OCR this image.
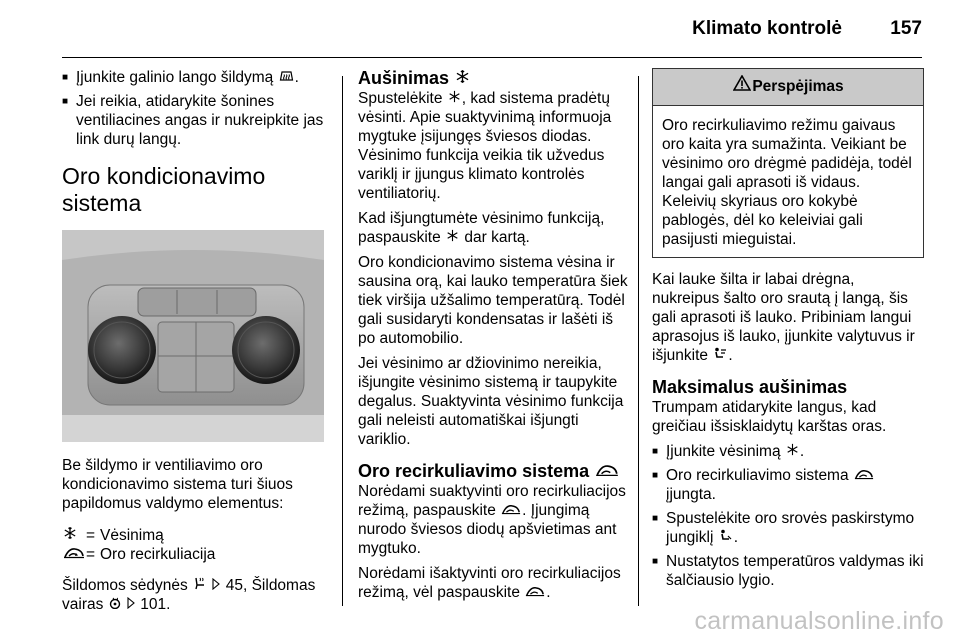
Klimato kontrolė	157
■ Įjunkite galinio lango šildymą .
■ Jei reikia, atidarykite šonines ventiliacines angas ir nukreipkite jas link durų langų.
Oro kondicionavimo sistema

Be šildymo ir ventiliavimo oro kondicionavimo sistema turi šiuos papildomus valdymo elementus:

= Vėsinimą
= Oro recirkuliacija

Šildomos sėdynės 45, Šildomas vairas 101.

Aušinimas

Spustelėkite , kad sistema pradėtų vėsinti. Apie suaktyvinimą informuoja mygtuke įsijungęs šviesos diodas. Vėsinimo funkcija veikia tik užvedus variklį ir įjungus klimato kontrolės ventiliatorių.

Kad išjungtumėte vėsinimo funkciją, paspauskite dar kartą.

Oro kondicionavimo sistema vėsina ir sausina orą, kai lauko temperatūra šiek tiek viršija užšalimo temperatūrą. Todėl gali susidaryti kondensatas ir lašėti iš po automobilio.

Jei vėsinimo ar džiovinimo nereikia, išjungite vėsinimo sistemą ir taupykite degalus. Suaktyvinta vėsinimo funkcija gali neleisti automatiškai išjungti variklio.

Oro recirkuliavimo sistema

Norėdami suaktyvinti oro recirkuliacijos režimą, paspauskite . Įjungimą nurodo šviesos diodų apšvietimas ant mygtuko.

Norėdami išaktyvinti oro recirkuliacijos režimą, vėl paspauskite .

Perspėjimas
Oro recirkuliavimo režimu gaivaus oro kaita yra sumažinta. Veikiant be vėsinimo oro drėgmė padidėja, todėl langai gali aprasoti iš vidaus. Keleivių skyriaus oro kokybė pablogės, dėl ko keleiviai gali pasijusti mieguistai.

Kai lauke šilta ir labai drėgna, nukreipus šalto oro srautą į langą, šis gali aprasoti iš lauko. Pribiniam langui aprasojus iš lauko, įjunkite valytuvus ir išjunkite .

Maksimalus aušinimas

Trumpam atidarykite langus, kad greičiau išsisklaidytų karštas oras.

■ Įjunkite vėsinimą .
■ Oro recirkuliavimo sistema
įjungta.
■ Spustelėkite oro srovės paskirstymo jungiklį .
■ Nustatytos temperatūros valdymas iki šalčiausio lygio.
carmanualsonline.info
